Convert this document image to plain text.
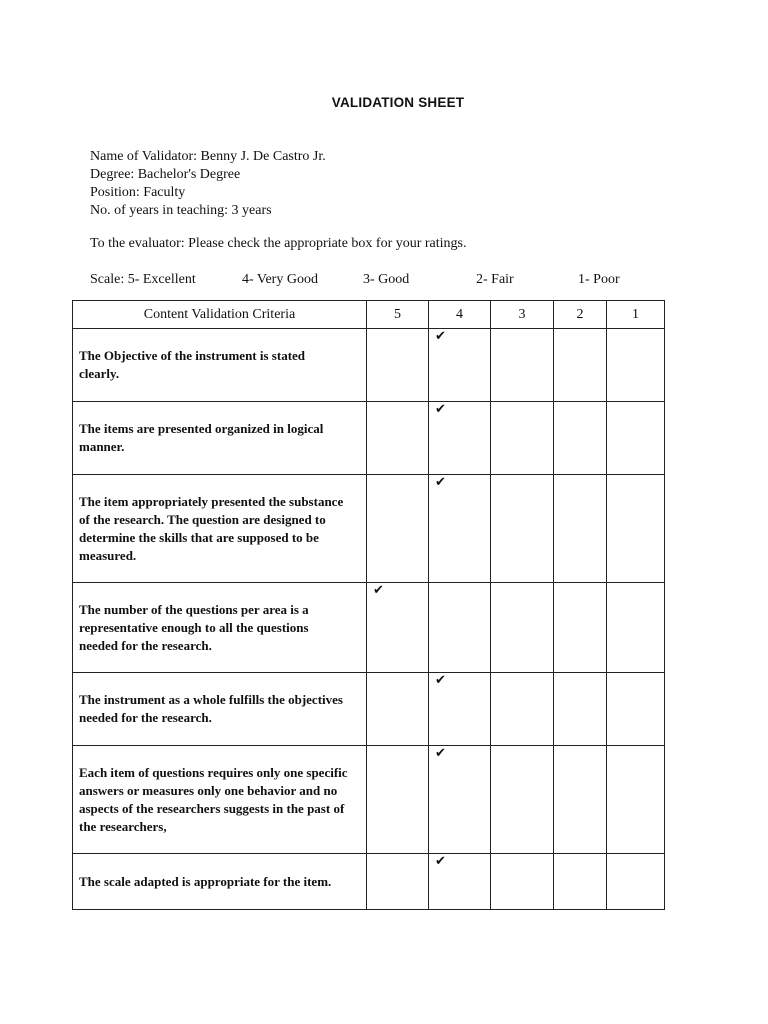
VALIDATION SHEET
Name of Validator: Benny J. De Castro Jr.
Degree: Bachelor's Degree
Position: Faculty
No. of years in teaching: 3 years
To the evaluator: Please check the appropriate box for your ratings.
Scale: 5- Excellent	4- Very Good	3- Good	2- Fair	1- Poor
Content Validation Criteria	5	4	3	2	1
The Objective of the instrument is stated clearly.		✔			

The items are presented organized in logical manner.		✔			

The item appropriately presented the substance of the research. The question are designed to determine the skills that are supposed to be measured.		✔			

The number of the questions per area is a representative enough to all the questions needed for the research.	✔				

The instrument as a whole fulfills the objectives needed for the research.		✔			

Each item of questions requires only one specific answers or measures only one behavior and no aspects of the researchers suggests in the past of the researchers,		✔			

The scale adapted is appropriate for the item.		✔			
